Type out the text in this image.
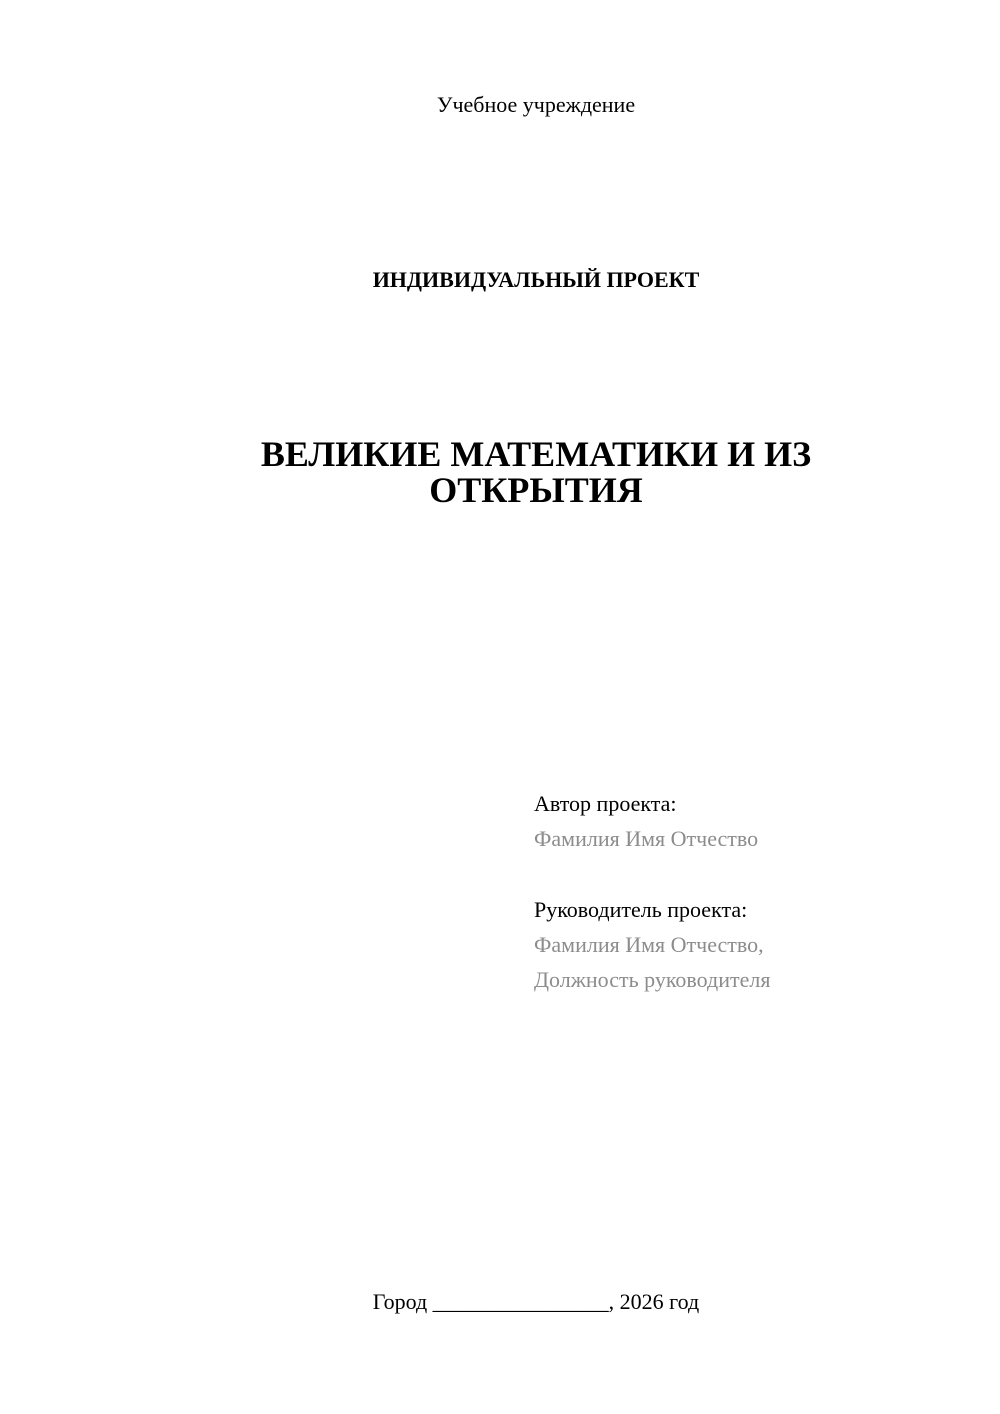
Учебное учреждение
ИНДИВИДУАЛЬНЫЙ ПРОЕКТ
ВЕЛИКИЕ МАТЕМАТИКИ И ИЗ
ОТКРЫТИЯ
Автор проекта:
Фамилия Имя Отчество
Руководитель проекта:
Фамилия Имя Отчество,
Должность руководителя
Город ________________, 2026 год
